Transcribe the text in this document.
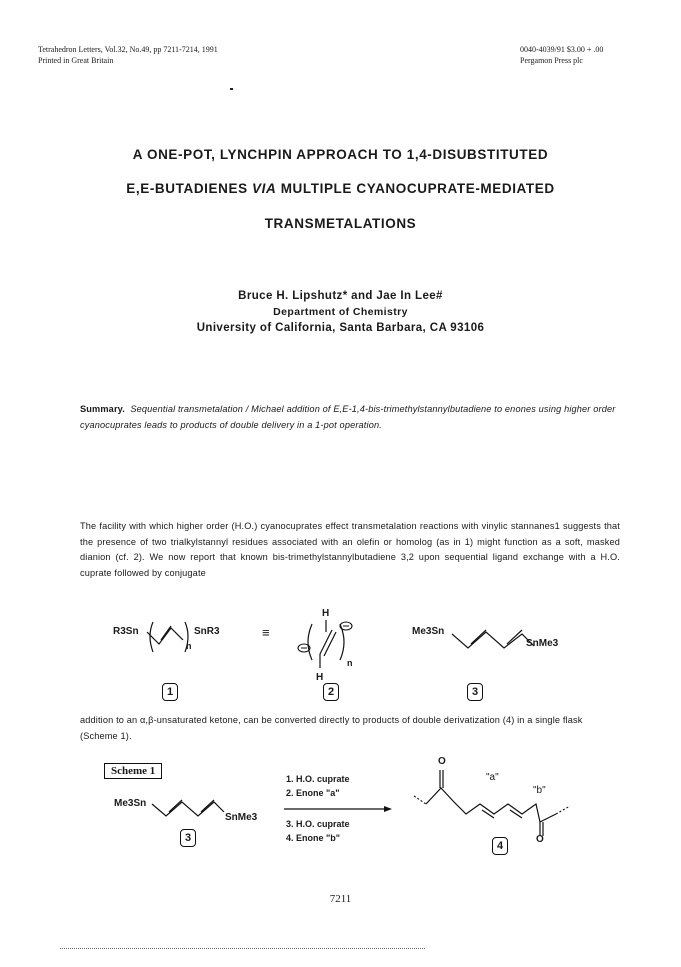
Tetrahedron Letters, Vol.32, No.49, pp 7211-7214, 1991
Printed in Great Britain
0040-4039/91 $3.00 + .00
Pergamon Press plc
A ONE-POT, LYNCHPIN APPROACH TO 1,4-DISUBSTITUTED
E,E-BUTADIENES VIA MULTIPLE CYANOCUPRATE-MEDIATED
TRANSMETALATIONS
Bruce H. Lipshutz* and Jae In Lee#
Department of Chemistry
University of California, Santa Barbara, CA 93106

Summary. Sequential transmetalation / Michael addition of E,E-1,4-bis-trimethylstannylbutadiene to enones using higher order cyanocuprates leads to products of double delivery in a 1-pot operation.

The facility with which higher order (H.O.) cyanocuprates effect transmetalation reactions with vinylic stannanes1 suggests that the presence of two trialkylstannyl residues associated with an olefin or homolog (as in 1) might function as a soft, masked dianion (cf. 2). We now report that known bis-trimethylstannylbutadiene 3,2 upon sequential ligand exchange with a H.O. cuprate followed by conjugate

R3Sn
n
SnR3	≡
H
n
H
Me3Sn
SnMe3
1	2	3

addition to an α,β-unsaturated ketone, can be converted directly to products of double derivatization (4) in a single flask (Scheme 1).

Scheme 1
Me3Sn
SnMe3
3
1. H.O. cuprate
2. Enone "a"
3. H.O. cuprate
4. Enone "b"
O
"a"
"b"
O
4
7211
